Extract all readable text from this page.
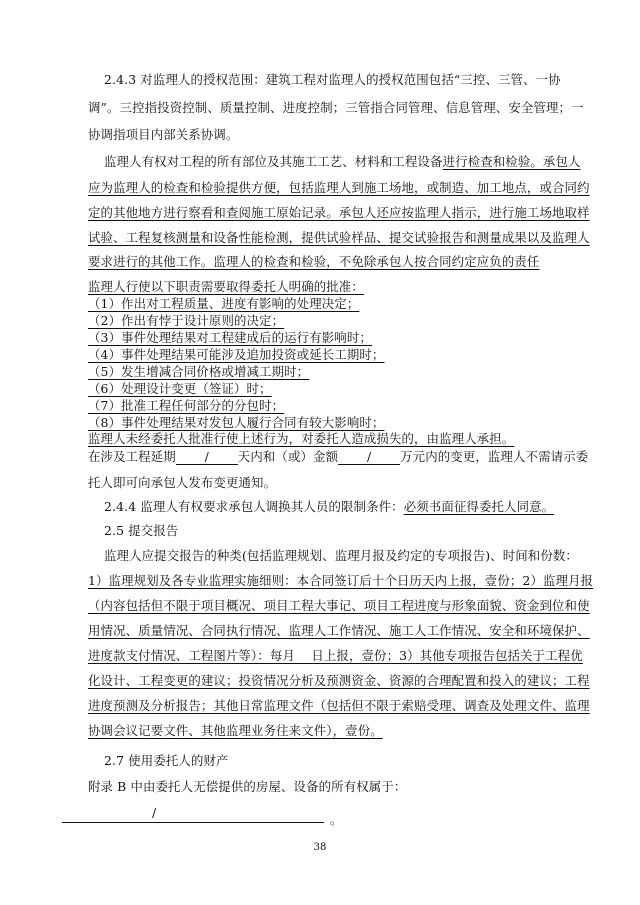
2.4.3 对监理人的授权范围：建筑工程对监理人的授权范围包括“三控、三管、一协
调”。三控指投资控制、质量控制、进度控制；三管指合同管理、信息管理、安全管理；一
协调指项目内部关系协调。
监理人有权对工程的所有部位及其施工工艺、材料和工程设备进行检查和检验。承包人
应为监理人的检查和检验提供方便，包括监理人到施工场地，或制造、加工地点，或合同约
定的其他地方进行察看和查阅施工原始记录。承包人还应按监理人指示，进行施工场地取样
试验、工程复核测量和设备性能检测，提供试验样品、提交试验报告和测量成果以及监理人
要求进行的其他工作。监理人的检查和检验，不免除承包人按合同约定应负的责任
监理人行使以下职责需要取得委托人明确的批准：
（1）作出对工程质量、进度有影响的处理决定；
（2）作出有悖于设计原则的决定；
（3）事件处理结果对工程建成后的运行有影响时；
（4）事件处理结果可能涉及追加投资或延长工期时；
（5）发生增减合同价格或增减工期时；
（6）处理设计变更（签证）时；
（7）批准工程任何部分的分包时；
（8）事件处理结果对发包人履行合同有较大影响时；
监理人未经委托人批准行使上述行为，对委托人造成损失的，由监理人承担。
在涉及工程延期 / 天内和（或）金额 / 万元内的变更，监理人不需请示委
托人即可向承包人发布变更通知。
2.4.4 监理人有权要求承包人调换其人员的限制条件：必须书面征得委托人同意。
2.5 提交报告
监理人应提交报告的种类(包括监理规划、监理月报及约定的专项报告)、时间和份数：
1）监理规划及各专业监理实施细则：本合同签订后十个日历天内上报，壹份；2）监理月报
（内容包括但不限于项目概况、项目工程大事记、项目工程进度与形象面貌、资金到位和使
用情况、质量情况、合同执行情况、监理人工作情况、施工人工作情况、安全和环境保护、
进度款支付情况、工程图片等）：每月    日上报，壹份；3）其他专项报告包括关于工程优
化设计、工程变更的建议；投资情况分析及预测资金、资源的合理配置和投入的建议；工程
进度预测及分析报告；其他日常监理文件（包括但不限于索赔受理、调查及处理文件、监理
协调会议记要文件、其他监理业务往来文件），壹份。
2.7 使用委托人的财产
附录 B 中由委托人无偿提供的房屋、设备的所有权属于：
/	。
38
